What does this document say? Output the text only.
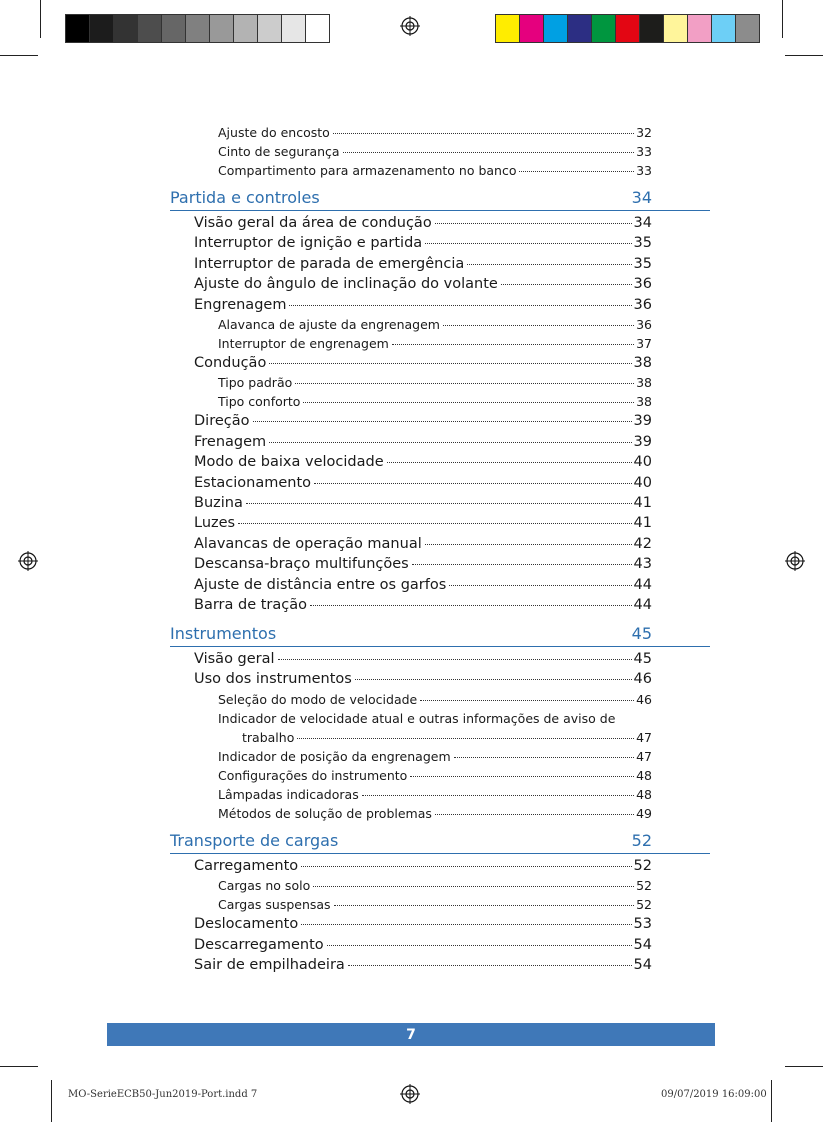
Ajuste do encosto	32
Cinto de segurança	33
Compartimento para armazenamento no banco	33
Partida e controles	34
Visão geral da área de condução	34
Interruptor de ignição e partida	35
Interruptor de parada de emergência	35
Ajuste do ângulo de inclinação do volante	36
Engrenagem	36
Alavanca de ajuste da engrenagem	36
Interruptor de engrenagem	37
Condução	38
Tipo padrão	38
Tipo conforto	38
Direção	39
Frenagem	39
Modo de baixa velocidade	40
Estacionamento	40
Buzina	41
Luzes	41
Alavancas de operação manual	42
Descansa-braço multifunções	43
Ajuste de distância entre os garfos	44
Barra de tração	44
Instrumentos	45
Visão geral	45
Uso dos instrumentos	46
Seleção do modo de velocidade	46
Indicador de velocidade atual e outras informações de aviso de
trabalho	47
Indicador de posição da engrenagem	47
Configurações do instrumento	48
Lâmpadas indicadoras	48
Métodos de solução de problemas	49
Transporte de cargas	52
Carregamento	52
Cargas no solo	52
Cargas suspensas	52
Deslocamento	53
Descarregamento	54
Sair de empilhadeira	54
7
MO-SerieECB50-Jun2019-Port.indd 7	09/07/2019 16:09:00
